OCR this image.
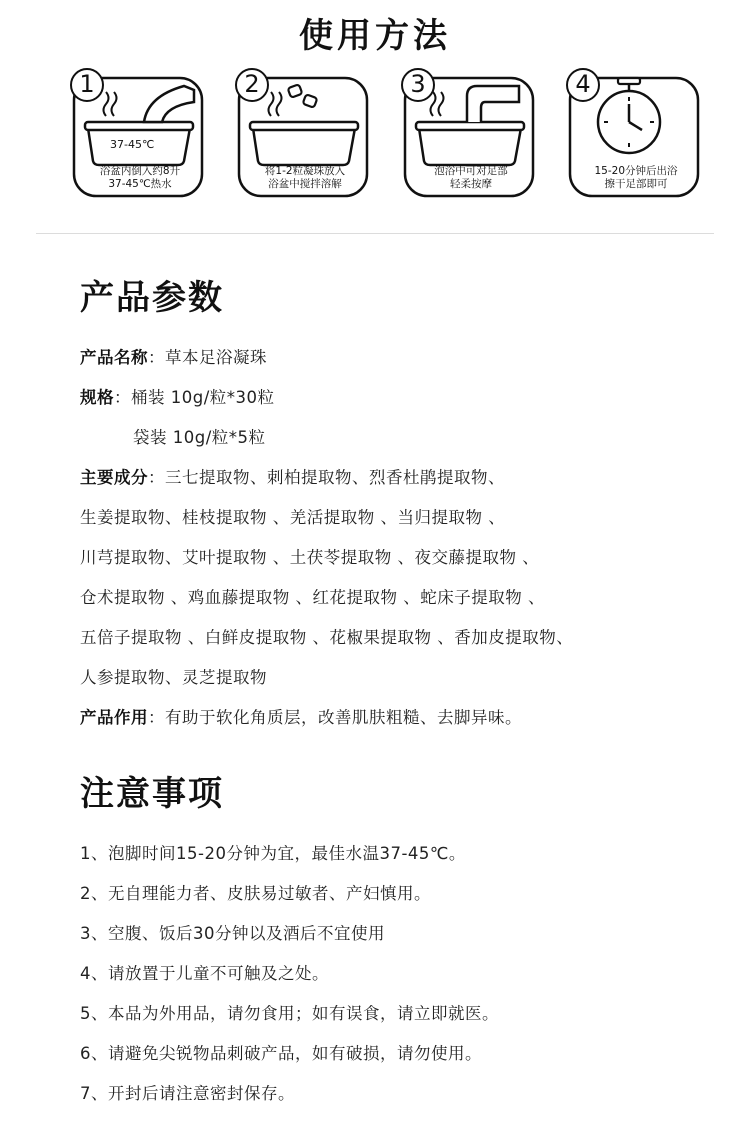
使用方法
1
37-45℃
浴盆内倒入约8升
37-45℃热水
2
将1-2粒凝珠放入
浴盆中搅拌溶解
3
泡浴中可对足部
轻柔按摩
4
15-20分钟后出浴
擦干足部即可
产品参数
产品名称：草本足浴凝珠
规格：桶装 10g/粒*30粒
袋装 10g/粒*5粒
主要成分：三七提取物、刺柏提取物、烈香杜鹃提取物、
生姜提取物、桂枝提取物 、羌活提取物 、当归提取物 、
川芎提取物、艾叶提取物 、土茯苓提取物 、夜交藤提取物 、
仓术提取物 、鸡血藤提取物 、红花提取物 、蛇床子提取物 、
五倍子提取物 、白鲜皮提取物 、花椒果提取物 、香加皮提取物、
人参提取物、灵芝提取物
产品作用：有助于软化角质层，改善肌肤粗糙、去脚异味。
注意事项
1、泡脚时间15-20分钟为宜，最佳水温37-45℃。
2、无自理能力者、皮肤易过敏者、产妇慎用。
3、空腹、饭后30分钟以及酒后不宜使用
4、请放置于儿童不可触及之处。
5、本品为外用品，请勿食用；如有误食，请立即就医。
6、请避免尖锐物品刺破产品，如有破损，请勿使用。
7、开封后请注意密封保存。
